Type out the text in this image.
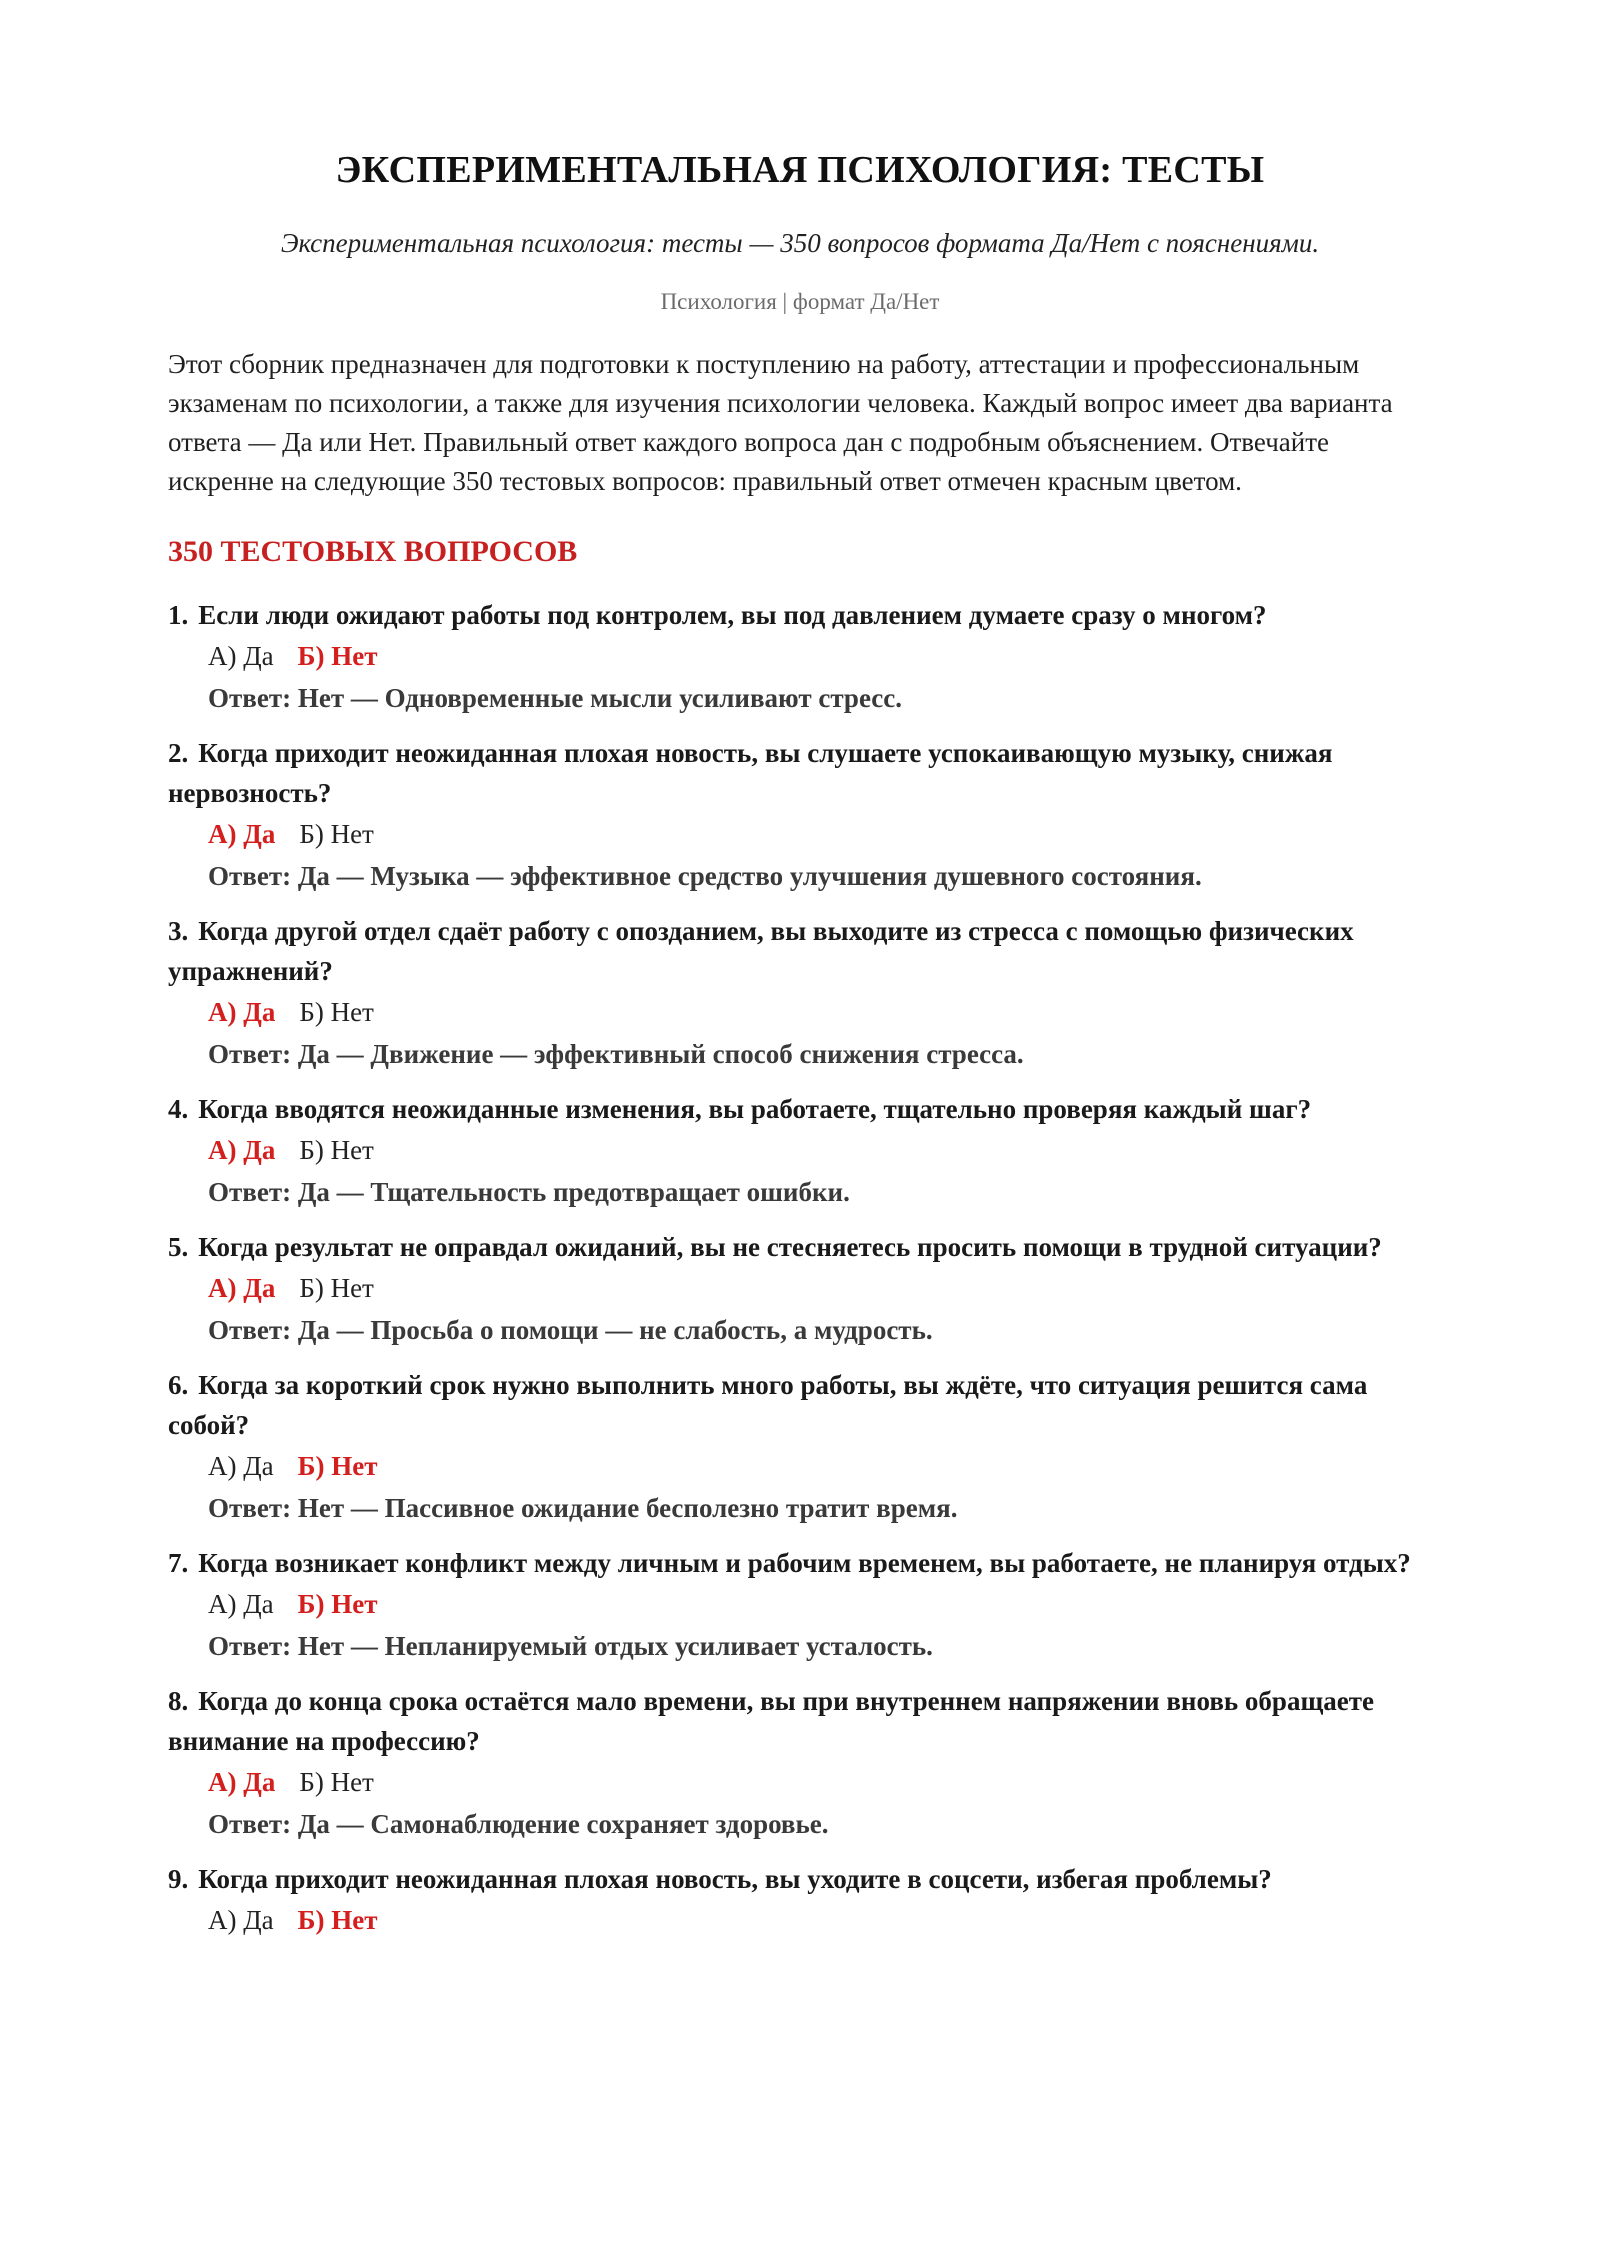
ЭКСПЕРИМЕНТАЛЬНАЯ ПСИХОЛОГИЯ: ТЕСТЫ

Экспериментальная психология: тесты — 350 вопросов формата Да/Нет с пояснениями.

Психология | формат Да/Нет

Этот сборник предназначен для подготовки к поступлению на работу, аттестации и профессиональным экзаменам по психологии, а также для изучения психологии человека. Каждый вопрос имеет два варианта ответа — Да или Нет. Правильный ответ каждого вопроса дан с подробным объяснением. Отвечайте искренне на следующие 350 тестовых вопросов: правильный ответ отмечен красным цветом.

350 ТЕСТОВЫХ ВОПРОСОВ

1. Если люди ожидают работы под контролем, вы под давлением думаете сразу о многом?

А) Да Б) Нет

Ответ: Нет — Одновременные мысли усиливают стресс.

2. Когда приходит неожиданная плохая новость, вы слушаете успокаивающую музыку, снижая нервозность?

А) Да Б) Нет

Ответ: Да — Музыка — эффективное средство улучшения душевного состояния.

3. Когда другой отдел сдаёт работу с опозданием, вы выходите из стресса с помощью физических упражнений?

А) Да Б) Нет

Ответ: Да — Движение — эффективный способ снижения стресса.

4. Когда вводятся неожиданные изменения, вы работаете, тщательно проверяя каждый шаг?

А) Да Б) Нет

Ответ: Да — Тщательность предотвращает ошибки.

5. Когда результат не оправдал ожиданий, вы не стесняетесь просить помощи в трудной ситуации?

А) Да Б) Нет

Ответ: Да — Просьба о помощи — не слабость, а мудрость.

6. Когда за короткий срок нужно выполнить много работы, вы ждёте, что ситуация решится сама собой?

А) Да Б) Нет

Ответ: Нет — Пассивное ожидание бесполезно тратит время.

7. Когда возникает конфликт между личным и рабочим временем, вы работаете, не планируя отдых?

А) Да Б) Нет

Ответ: Нет — Непланируемый отдых усиливает усталость.

8. Когда до конца срока остаётся мало времени, вы при внутреннем напряжении вновь обращаете внимание на профессию?

А) Да Б) Нет

Ответ: Да — Самонаблюдение сохраняет здоровье.

9. Когда приходит неожиданная плохая новость, вы уходите в соцсети, избегая проблемы?

А) Да Б) Нет
